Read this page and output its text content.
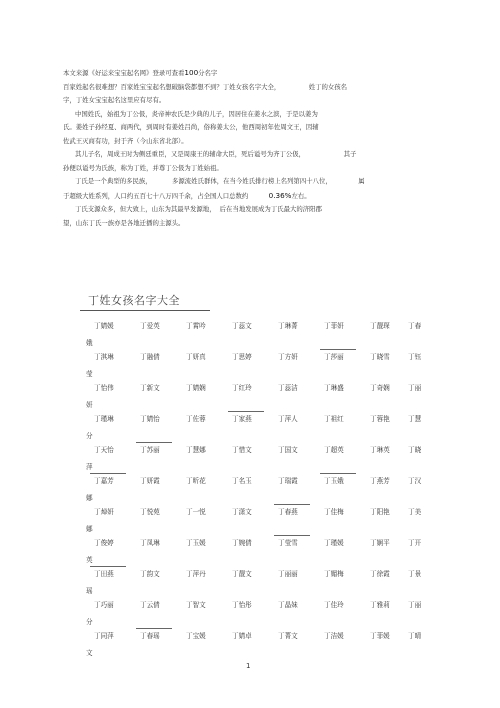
本文来源《好运来宝宝起名网》登录可查看100分名字

百家姓起名很难想？百家姓宝宝起名想破脑袋都想不到？丁姓女孩名字大全，	姓丁的女孩名

字，丁姓女宝宝起名这里应有尽有。

中国姓氏，始祖为丁公伋，炎帝神农氏是少典的儿子，因居住在姜水之滨，于是以姜为

氏。姜姓子孙经夏、商两代，到周时有姜姓吕尚，俗称姜太公，他西周初年佐周文王，因辅

佐武王灭商有功，封于齐（今山东省北部）。

其儿子名，周成王时为侧廷重臣，又是周康王的辅命大臣，死后谥号为齐丁公伋，	其子

孙便以谥号为氏族，称为丁姓，并尊丁公伋为丁姓始祖。

丁氏是一个典型的多民族，	多源流姓氏群体，在当今姓氏排行榜上名列第四十八位，	属

于超级大姓系列，人口约五百七十八万四千余，占全国人口总数约	0.36%左右。

丁氏支源众多，但大致上，山东为其最早发源地， 后在当地发展成为丁氏最大的济阳郡

望，山东丁氏一族亦是各地迁播的主源头。

丁姓女孩名字大全
丁婧媛	丁爱英	丁霄吟	丁蕊文	丁琳菁	丁菲妍	丁靓琛	丁春
娥
丁淇琳	丁融倩	丁妍真	丁思婷	丁方妍	丁莎丽	丁晓雪	丁钰
莹
丁怡伟	丁新文	丁婧娴	丁红玲	丁蕊洁	丁琳盛	丁奇娴	丁丽
妍
丁瑾琳	丁婧怡	丁佐蓉	丁家燕	丁萍人	丁祖红	丁蓉艳	丁慧
分
丁天怡	丁苏丽	丁慧娜	丁惜文	丁国文	丁超英	丁琳英	丁晓
萍
丁嘉芳	丁妍霞	丁昕花	丁名玉	丁瑞霞	丁玉娥	丁燕芳	丁汉
娜
丁焯妍	丁悦苑	丁一悦	丁潇文	丁春燕	丁佳梅	丁阳艳	丁美
娜
丁俊婷	丁凤琳	丁玉媛	丁婉倩	丁莹雪	丁瑾媛	丁娴平	丁开
英
丁田燕	丁韵文	丁萍丹	丁靓文	丁丽丽	丁媚梅	丁徐霞	丁景
瑶
丁巧丽	丁云倩	丁智文	丁怡彤	丁晶妹	丁佳玲	丁雅莉	丁丽
分
丁同萍	丁春瑶	丁宝媛	丁婧卓	丁菁文	丁洁媛	丁菲媛	丁晴
文
1
